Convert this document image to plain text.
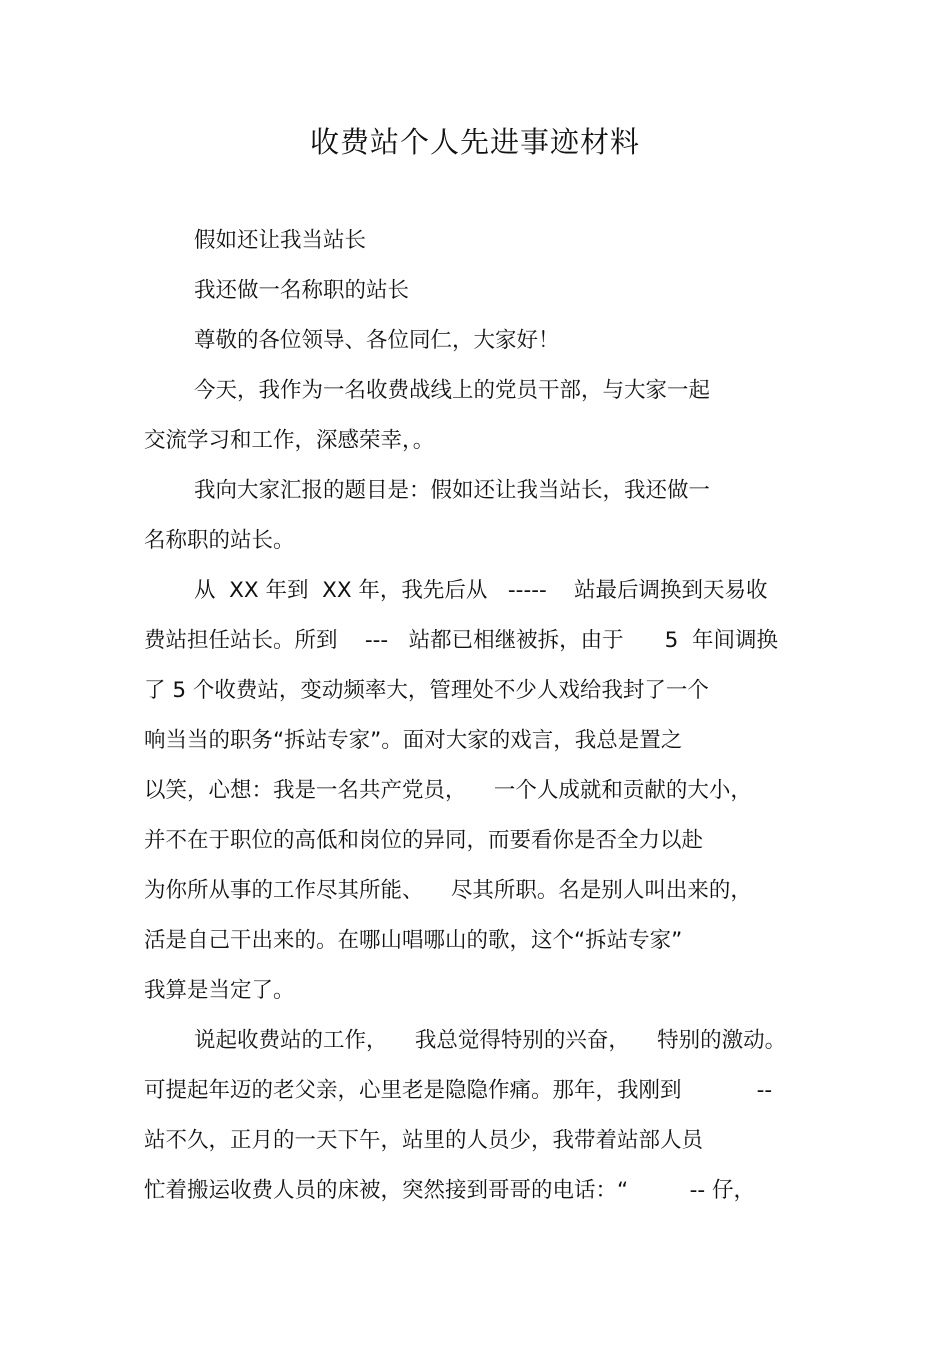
收费站个人先进事迹材料
假如还让我当站长
我还做一名称职的站长
尊敬的各位领导、各位同仁，大家好！
今天，我作为一名收费战线上的党员干部，与大家一起
交流学习和工作，深感荣幸，。
我向大家汇报的题目是：假如还让我当站长，我还做一
名称职的站长。
从  XX 年到  XX 年，我先后从   -----    站最后调换到天易收
费站担任站长。所到    ---   站都已相继被拆，由于      5  年间调换
了 5 个收费站，变动频率大，管理处不少人戏给我封了一个
响当当的职务“拆站专家”。面对大家的戏言，我总是置之
以笑，心想：我是一名共产党员，    一个人成就和贡献的大小，
并不在于职位的高低和岗位的异同，而要看你是否全力以赴
为你所从事的工作尽其所能、    尽其所职。名是别人叫出来的，
活是自己干出来的。在哪山唱哪山的歌，这个“拆站专家”
我算是当定了。
说起收费站的工作，    我总觉得特别的兴奋，    特别的激动。
可提起年迈的老父亲，心里老是隐隐作痛。那年，我刚到           --
站不久，正月的一天下午，站里的人员少，我带着站部人员
忙着搬运收费人员的床被，突然接到哥哥的电话：“         -- 仔，
